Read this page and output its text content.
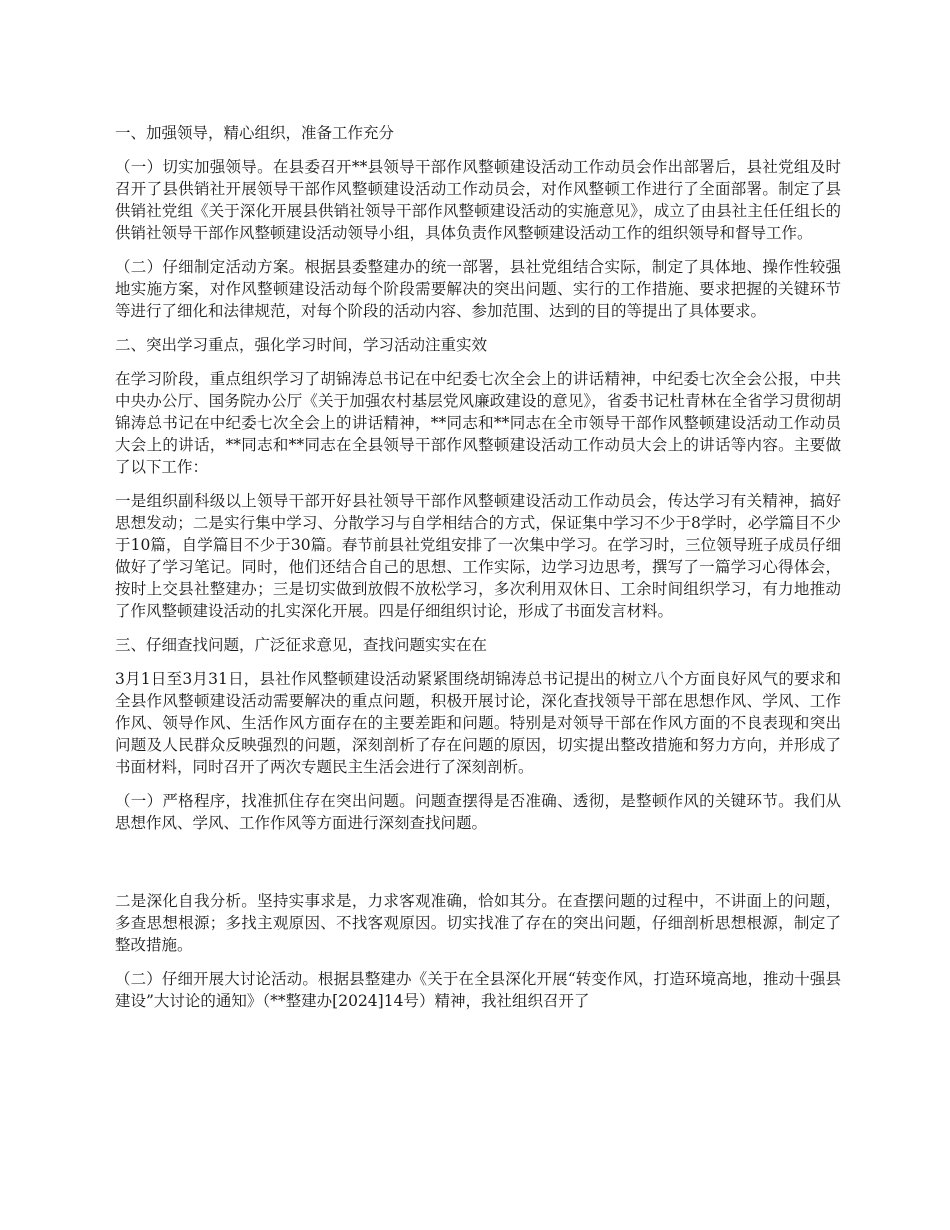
一、加强领导，精心组织，准备工作充分

（一）切实加强领导。在县委召开**县领导干部作风整顿建设活动工作动员会作出部署后，县社党组及时召开了县供销社开展领导干部作风整顿建设活动工作动员会，对作风整顿工作进行了全面部署。制定了县供销社党组《关于深化开展县供销社领导干部作风整顿建设活动的实施意见》，成立了由县社主任任组长的供销社领导干部作风整顿建设活动领导小组，具体负责作风整顿建设活动工作的组织领导和督导工作。

（二）仔细制定活动方案。根据县委整建办的统一部署，县社党组结合实际，制定了具体地、操作性较强地实施方案，对作风整顿建设活动每个阶段需要解决的突出问题、实行的工作措施、要求把握的关键环节等进行了细化和法律规范，对每个阶段的活动内容、参加范围、达到的目的等提出了具体要求。

二、突出学习重点，强化学习时间，学习活动注重实效

在学习阶段，重点组织学习了胡锦涛总书记在中纪委七次全会上的讲话精神，中纪委七次全会公报，中共中央办公厅、国务院办公厅《关于加强农村基层党风廉政建设的意见》，省委书记杜青林在全省学习贯彻胡锦涛总书记在中纪委七次全会上的讲话精神，**同志和**同志在全市领导干部作风整顿建设活动工作动员大会上的讲话，**同志和**同志在全县领导干部作风整顿建设活动工作动员大会上的讲话等内容。主要做了以下工作：

一是组织副科级以上领导干部开好县社领导干部作风整顿建设活动工作动员会，传达学习有关精神，搞好思想发动；二是实行集中学习、分散学习与自学相结合的方式，保证集中学习不少于8学时，必学篇目不少于10篇，自学篇目不少于30篇。春节前县社党组安排了一次集中学习。在学习时，三位领导班子成员仔细做好了学习笔记。同时，他们还结合自己的思想、工作实际，边学习边思考，撰写了一篇学习心得体会，按时上交县社整建办；三是切实做到放假不放松学习，多次利用双休日、工余时间组织学习，有力地推动了作风整顿建设活动的扎实深化开展。四是仔细组织讨论，形成了书面发言材料。

三、仔细查找问题，广泛征求意见，查找问题实实在在

3月1日至3月31日，县社作风整顿建设活动紧紧围绕胡锦涛总书记提出的树立八个方面良好风气的要求和全县作风整顿建设活动需要解决的重点问题，积极开展讨论，深化查找领导干部在思想作风、学风、工作作风、领导作风、生活作风方面存在的主要差距和问题。特别是对领导干部在作风方面的不良表现和突出问题及人民群众反映强烈的问题，深刻剖析了存在问题的原因，切实提出整改措施和努力方向，并形成了书面材料，同时召开了两次专题民主生活会进行了深刻剖析。

（一）严格程序，找准抓住存在突出问题。问题查摆得是否准确、透彻，是整顿作风的关键环节。我们从思想作风、学风、工作作风等方面进行深刻查找问题。

二是深化自我分析。坚持实事求是，力求客观准确，恰如其分。在查摆问题的过程中，不讲面上的问题，多查思想根源；多找主观原因、不找客观原因。切实找准了存在的突出问题，仔细剖析思想根源，制定了整改措施。

（二）仔细开展大讨论活动。根据县整建办《关于在全县深化开展“转变作风，打造环境高地，推动十强县建设”大讨论的通知》（**整建办[2024]14号）精神，我社组织召开了
